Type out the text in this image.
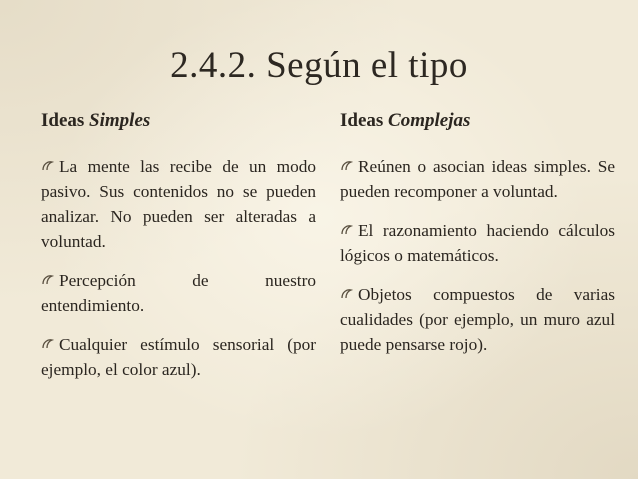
2.4.2. Según el tipo
Ideas Simples
La mente las recibe de un modo pasivo. Sus contenidos no se pueden analizar. No pueden ser alteradas a voluntad.
Percepción de nuestro entendimiento.
Cualquier estímulo sensorial (por ejemplo, el color azul).
Ideas Complejas
Reúnen o asocian ideas simples. Se pueden recomponer a voluntad.
El razonamiento haciendo cálculos lógicos o matemáticos.
Objetos compuestos de varias cualidades (por ejemplo, un muro azul puede pensarse rojo).
